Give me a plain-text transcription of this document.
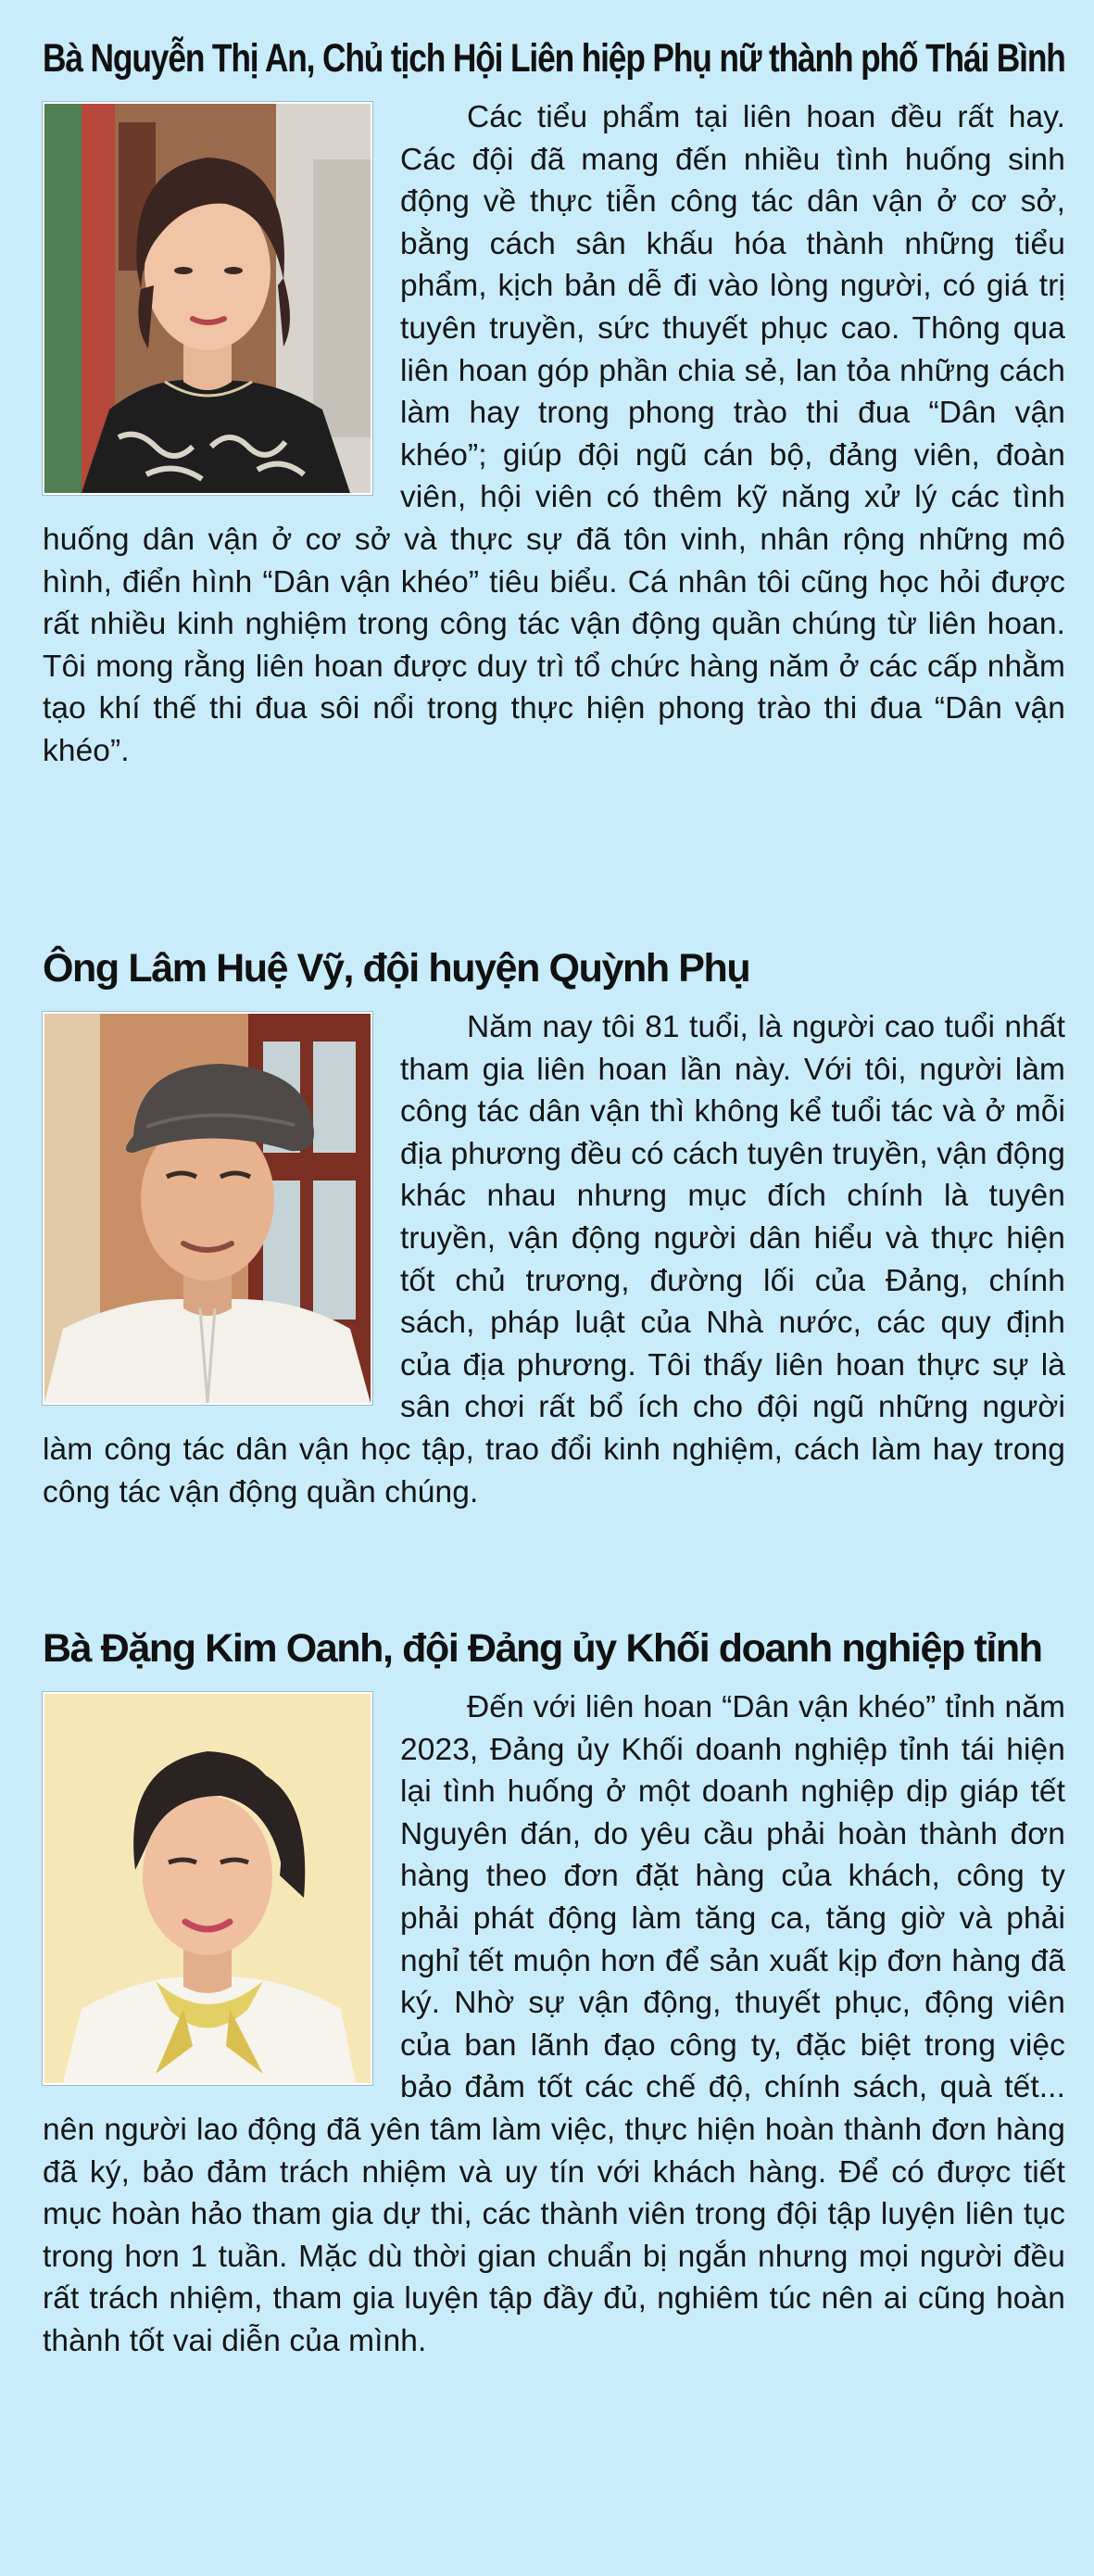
Bà Nguyễn Thị An, Chủ tịch Hội Liên hiệp Phụ nữ thành phố Thái Bình

Các tiểu phẩm tại liên hoan đều rất hay. Các đội đã mang đến nhiều tình huống sinh động về thực tiễn công tác dân vận ở cơ sở, bằng cách sân khấu hóa thành những tiểu phẩm, kịch bản dễ đi vào lòng người, có giá trị tuyên truyền, sức thuyết phục cao. Thông qua liên hoan góp phần chia sẻ, lan tỏa những cách làm hay trong phong trào thi đua “Dân vận khéo”; giúp đội ngũ cán bộ, đảng viên, đoàn viên, hội viên có thêm kỹ năng xử lý các tình huống dân vận ở cơ sở và thực sự đã tôn vinh, nhân rộng những mô hình, điển hình “Dân vận khéo” tiêu biểu. Cá nhân tôi cũng học hỏi được rất nhiều kinh nghiệm trong công tác vận động quần chúng từ liên hoan. Tôi mong rằng liên hoan được duy trì tổ chức hàng năm ở các cấp nhằm tạo khí thế thi đua sôi nổi trong thực hiện phong trào thi đua “Dân vận khéo”.

Ông Lâm Huệ Vỹ, đội huyện Quỳnh Phụ

Năm nay tôi 81 tuổi, là người cao tuổi nhất tham gia liên hoan lần này. Với tôi, người làm công tác dân vận thì không kể tuổi tác và ở mỗi địa phương đều có cách tuyên truyền, vận động khác nhau nhưng mục đích chính là tuyên truyền, vận động người dân hiểu và thực hiện tốt chủ trương, đường lối của Đảng, chính sách, pháp luật của Nhà nước, các quy định của địa phương. Tôi thấy liên hoan thực sự là sân chơi rất bổ ích cho đội ngũ những người làm công tác dân vận học tập, trao đổi kinh nghiệm, cách làm hay trong công tác vận động quần chúng.

Bà Đặng Kim Oanh, đội Đảng ủy Khối doanh nghiệp tỉnh

Đến với liên hoan “Dân vận khéo” tỉnh năm 2023, Đảng ủy Khối doanh nghiệp tỉnh tái hiện lại tình huống ở một doanh nghiệp dịp giáp tết Nguyên đán, do yêu cầu phải hoàn thành đơn hàng theo đơn đặt hàng của khách, công ty phải phát động làm tăng ca, tăng giờ và phải nghỉ tết muộn hơn để sản xuất kịp đơn hàng đã ký. Nhờ sự vận động, thuyết phục, động viên của ban lãnh đạo công ty, đặc biệt trong việc bảo đảm tốt các chế độ, chính sách, quà tết... nên người lao động đã yên tâm làm việc, thực hiện hoàn thành đơn hàng đã ký, bảo đảm trách nhiệm và uy tín với khách hàng. Để có được tiết mục hoàn hảo tham gia dự thi, các thành viên trong đội tập luyện liên tục trong hơn 1 tuần. Mặc dù thời gian chuẩn bị ngắn nhưng mọi người đều rất trách nhiệm, tham gia luyện tập đầy đủ, nghiêm túc nên ai cũng hoàn thành tốt vai diễn của mình.
